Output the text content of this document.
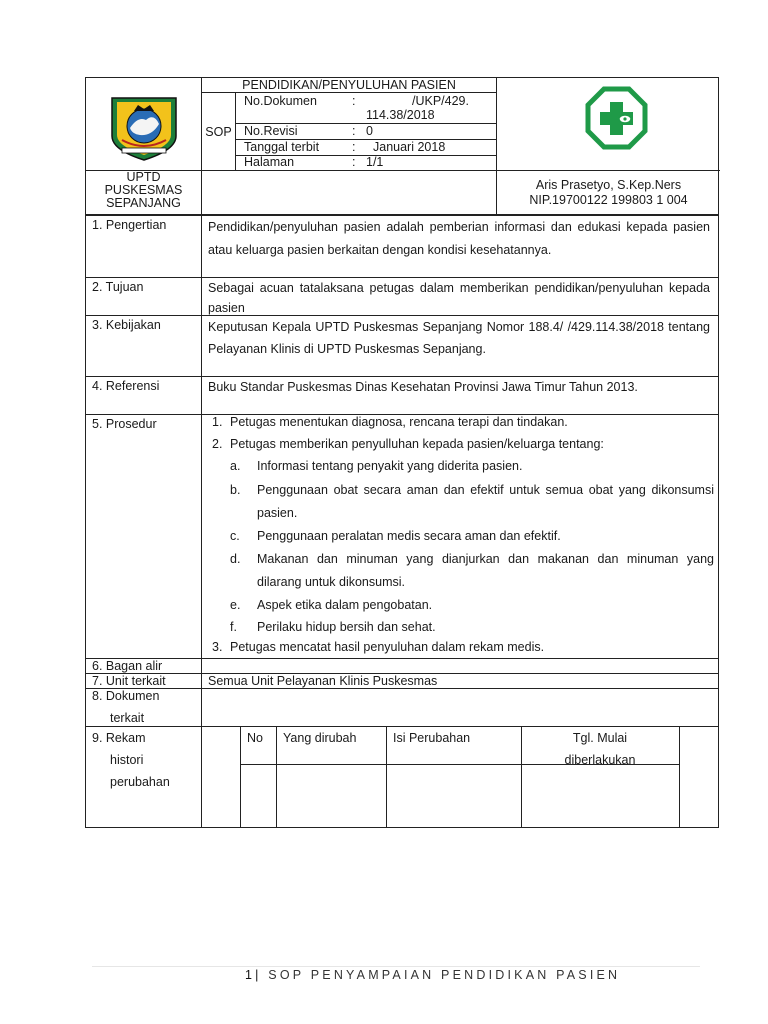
PENDIDIKAN/PENYULUHAN PASIEN
SOP
No.Dokumen	:	/UKP/429.
114.38/2018
No.Revisi	: 0
Tanggal terbit	: Januari 2018
Halaman	: 1/1
UPTD
PUSKESMAS
SEPANJANG
Aris Prasetyo, S.Kep.Ners
NIP.19700122 199803 1 004
1. Pengertian	Pendidikan/penyuluhan pasien adalah pemberian informasi dan edukasi kepada pasien atau keluarga pasien berkaitan dengan kondisi kesehatannya.
2. Tujuan	Sebagai acuan tatalaksana petugas dalam memberikan pendidikan/penyuluhan kepada pasien
3. Kebijakan	Keputusan Kepala UPTD Puskesmas Sepanjang Nomor 188.4/ /429.114.38/2018 tentang Pelayanan Klinis di UPTD Puskesmas Sepanjang.
4. Referensi	Buku Standar Puskesmas Dinas Kesehatan Provinsi Jawa Timur Tahun 2013.
5. Prosedur	1. Petugas menentukan diagnosa, rencana terapi dan tindakan.
2. Petugas memberikan penyulluhan kepada pasien/keluarga tentang:
a. Informasi tentang penyakit yang diderita pasien.
b. Penggunaan obat secara aman dan efektif untuk semua obat yang dikonsumsi pasien.
c. Penggunaan peralatan medis secara aman dan efektif.
d. Makanan dan minuman yang dianjurkan dan makanan dan minuman yang dilarang untuk dikonsumsi.
e. Aspek etika dalam pengobatan.
f. Perilaku hidup bersih dan sehat.
3. Petugas mencatat hasil penyuluhan dalam rekam medis.
6. Bagan alir
7. Unit terkait	Semua Unit Pelayanan Klinis Puskesmas
8. Dokumen
terkait
9. Rekam
histori
perubahan
No Yang dirubah	Isi Perubahan	Tgl. Mulai
diberlakukan
1| SOP PENYAMPAIAN PENDIDIKAN PASIEN
